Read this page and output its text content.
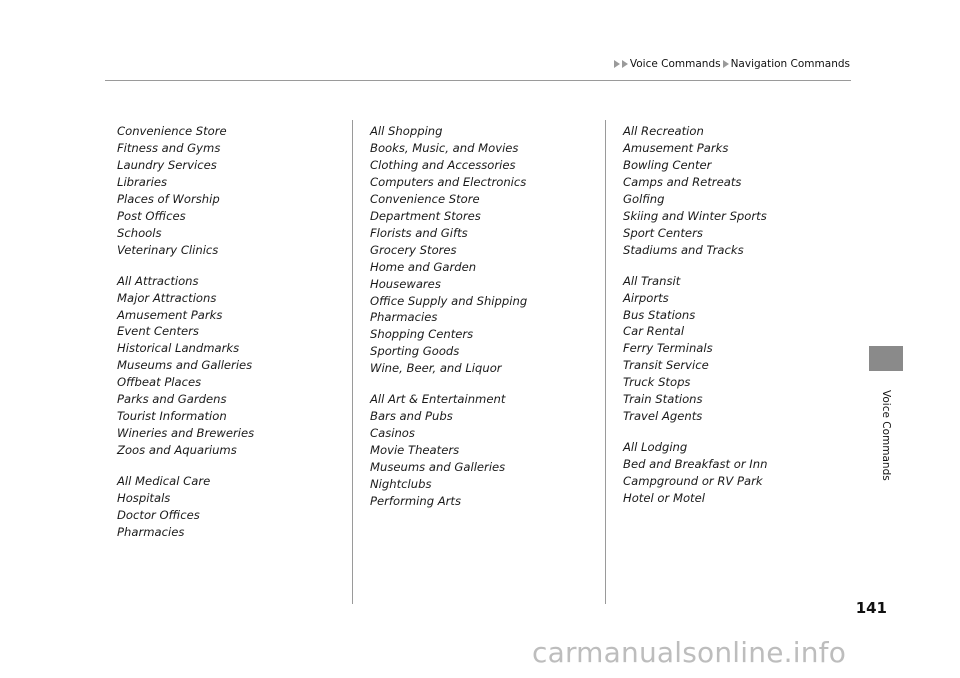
Voice Commands Navigation Commands
Convenience Store
Fitness and Gyms
Laundry Services
Libraries
Places of Worship
Post Offices
Schools
Veterinary Clinics
All Attractions
Major Attractions
Amusement Parks
Event Centers
Historical Landmarks
Museums and Galleries
Offbeat Places
Parks and Gardens
Tourist Information
Wineries and Breweries
Zoos and Aquariums
All Medical Care
Hospitals
Doctor Offices
Pharmacies
All Shopping
Books, Music, and Movies
Clothing and Accessories
Computers and Electronics
Convenience Store
Department Stores
Florists and Gifts
Grocery Stores
Home and Garden
Housewares
Office Supply and Shipping
Pharmacies
Shopping Centers
Sporting Goods
Wine, Beer, and Liquor
All Art & Entertainment
Bars and Pubs
Casinos
Movie Theaters
Museums and Galleries
Nightclubs
Performing Arts
All Recreation
Amusement Parks
Bowling Center
Camps and Retreats
Golfing
Skiing and Winter Sports
Sport Centers
Stadiums and Tracks
All Transit
Airports
Bus Stations
Car Rental
Ferry Terminals
Transit Service
Truck Stops
Train Stations
Travel Agents
All Lodging
Bed and Breakfast or Inn
Campground or RV Park
Hotel or Motel
Voice Commands
141
carmanualsonline.info
